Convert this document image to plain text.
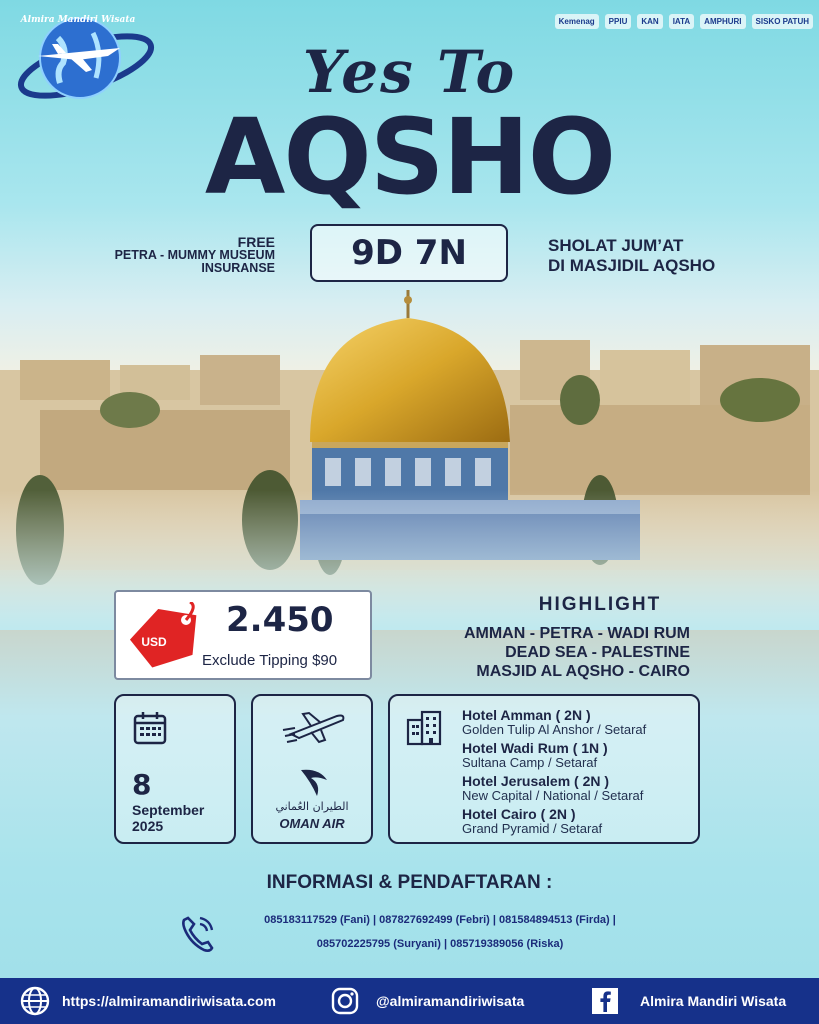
Almira Mandiri Wisata	Kemenag	PPIU	KAN	IATA	AMPHURI	SISKO PATUH
Yes To
AQSHO
FREE
PETRA - MUMMY MUSEUM
INSURANSE	9D 7N	SHOLAT JUM’AT
DI MASJIDIL AQSHO
USD
2.450
Exclude Tipping $90
HIGHLIGHT
AMMAN - PETRA - WADI RUM
DEAD SEA - PALESTINE
MASJID AL AQSHO - CAIRO
8
September
2025
الطيران العُماني
OMAN AIR
Hotel Amman ( 2N )
Golden Tulip Al Anshor / Setaraf
Hotel Wadi Rum ( 1N )
Sultana Camp / Setaraf
Hotel Jerusalem ( 2N )
New Capital / National / Setaraf
Hotel Cairo ( 2N )
Grand Pyramid / Setaraf
INFORMASI & PENDAFTARAN :
085183117529 (Fani) | 087827692499 (Febri) | 081584894513 (Firda) |
085702225795 (Suryani) | 085719389056 (Riska)
https://almiramandiriwisata.com	@almiramandiriwisata	Almira Mandiri Wisata
